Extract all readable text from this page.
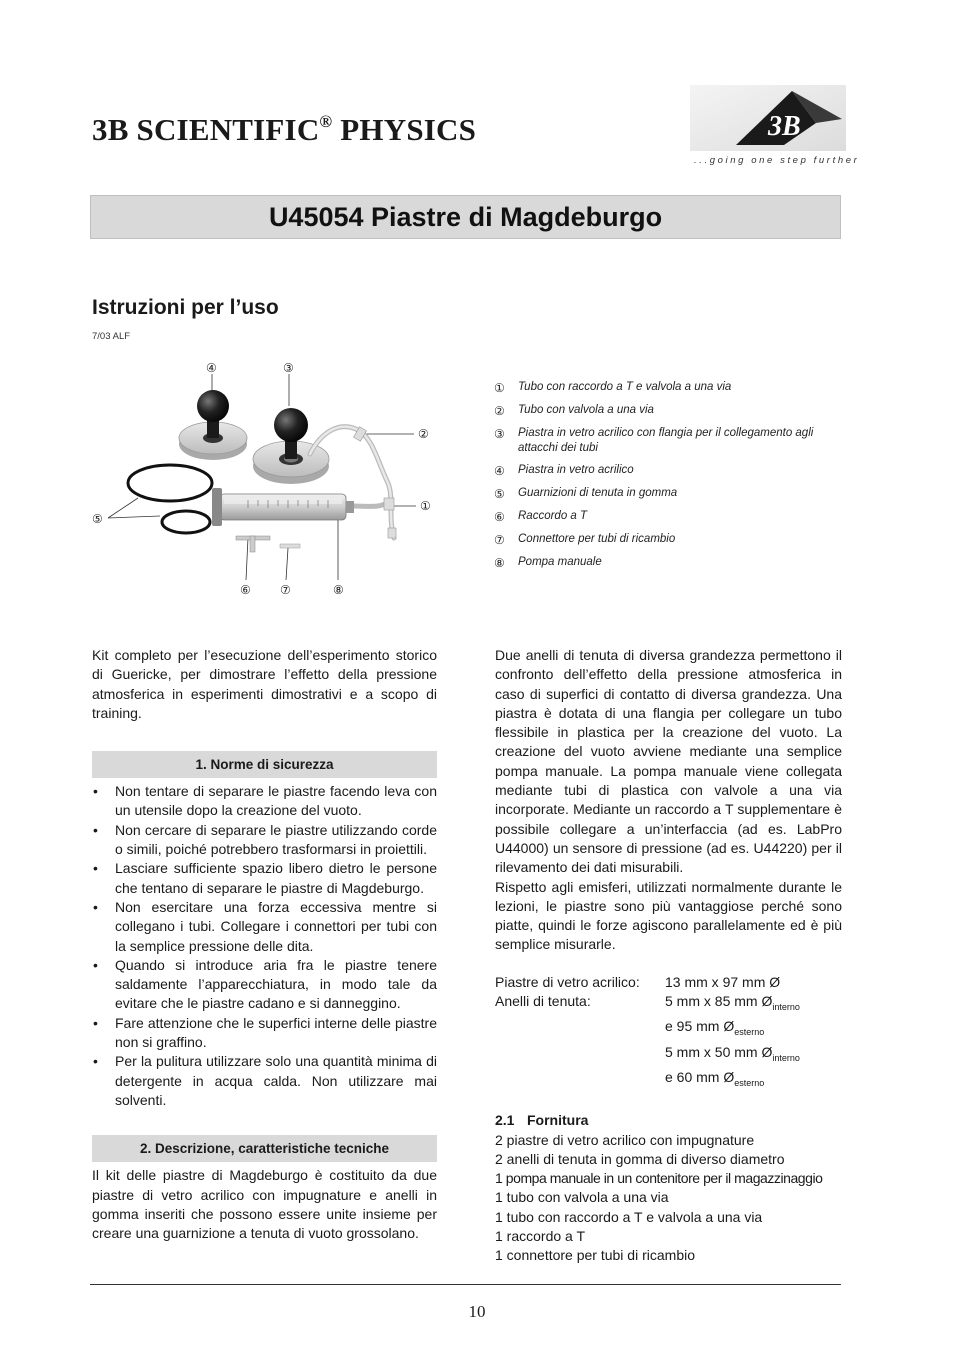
3B SCIENTIFIC® PHYSICS	3B
...going one step further
U45054 Piastre di Magdeburgo
Istruzioni per l’uso
7/03 ALF
④	③
②
①
⑤
⑥ ⑦	⑧
①	Tubo con raccordo a T e valvola a una via
②	Tubo con valvola a una via
③	Piastra in vetro acrilico con flangia per il collegamento agli attacchi dei tubi
④	Piastra in vetro acrilico
⑤	Guarnizioni di tenuta in gomma
⑥	Raccordo a T
⑦	Connettore per tubi di ricambio
⑧	Pompa manuale

Kit completo per l’esecuzione dell’esperimento storico di Guericke, per dimostrare l’effetto della pressione atmosferica in esperimenti dimostrativi e a scopo di training.

1. Norme di sicurezza
• Non tentare di separare le piastre facendo leva con un utensile dopo la creazione del vuoto.
• Non cercare di separare le piastre utilizzando corde o simili, poiché potrebbero trasformarsi in proiettili.
• Lasciare sufficiente spazio libero dietro le persone che tentano di separare le piastre di Magdeburgo.
• Non esercitare una forza eccessiva mentre si collegano i tubi. Collegare i connettori per tubi con la semplice pressione delle dita.
• Quando si introduce aria fra le piastre tenere saldamente l’apparecchiatura, in modo tale da evitare che le piastre cadano e si danneggino.
• Fare attenzione che le superfici interne delle piastre non si graffino.
• Per la pulitura utilizzare solo una quantità minima di detergente in acqua calda. Non utilizzare mai solventi.
2. Descrizione, caratteristiche tecniche

Il kit delle piastre di Magdeburgo è costituito da due piastre di vetro acrilico con impugnature e anelli in gomma inseriti che possono essere unite insieme per creare una guarnizione a tenuta di vuoto grossolano.

Due anelli di tenuta di diversa grandezza permettono il confronto dell’effetto della pressione atmosferica in caso di superfici di contatto di diversa grandezza. Una piastra è dotata di una flangia per collegare un tubo flessibile in plastica per la creazione del vuoto. La creazione del vuoto avviene mediante una semplice pompa manuale. La pompa manuale viene collegata mediante tubi di plastica con valvole a una via incorporate. Mediante un raccordo a T supplementare è possibile collegare a un’interfaccia (ad es. LabPro U44000) un sensore di pressione (ad es. U44220) per il rilevamento dei dati misurabili.

Rispetto agli emisferi, utilizzati normalmente durante le lezioni, le piastre sono più vantaggiose perché sono piatte, quindi le forze agiscono parallelamente ed è più semplice misurarle.

Piastre di vetro acrilico:	13 mm x 97 mm Ø
Anelli di tenuta:	5 mm x 85 mm $Ø_{interno}$
e 95 mm $Ø_{esterno}$
5 mm x 50 mm $Ø_{interno}$
e 60 mm $Ø_{esterno}$
2.1 Fornitura
2 piastre di vetro acrilico con impugnature
2 anelli di tenuta in gomma di diverso diametro
1 pompa manuale in un contenitore per il magazzinaggio
1 tubo con valvola a una via
1 tubo con raccordo a T e valvola a una via
1 raccordo a T
1 connettore per tubi di ricambio
10
